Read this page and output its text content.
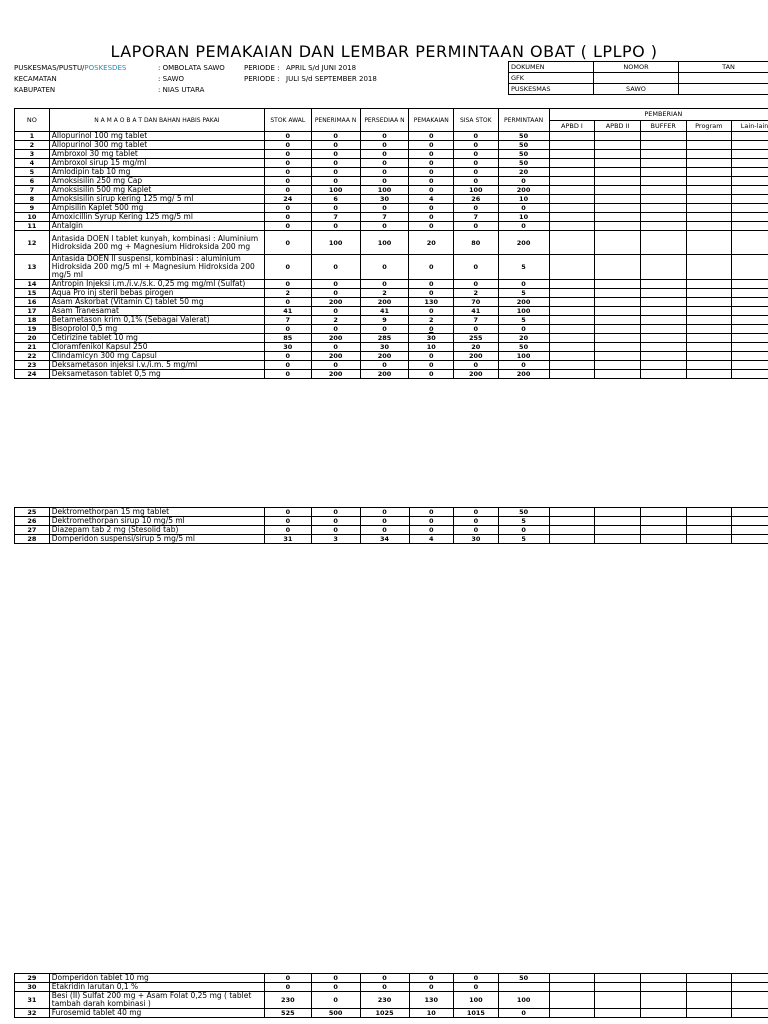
LAPORAN PEMAKAIAN DAN LEMBAR PERMINTAAN OBAT ( LPLPO )
PUSKESMAS/PUSTU/POSKESDES	: OMBOLATA SAWO
KECAMATAN	: SAWO
KABUPATEN	: NIAS UTARA
PERIODE : APRIL S/d JUNI 2018
PERIODE : JULI S/d SEPTEMBER 2018
DOKUMEN	NOMOR	TAN
GFK		
PUSKESMAS	SAWO	
NO	N A M A O B A T DAN BAHAN HABIS PAKAI	STOK AWAL	PENERIMAA N	PERSEDIAA N	PEMAKAIAN	SISA STOK	PERMINTAAN	PEMBERIAN				
								APBD I	APBD II	BUFFER	Program	Lain-lain
1	Allopurinol 100 mg tablet	0	0	0	0	0	50					
2	Allopurinol 300 mg tablet	0	0	0	0	0	50					
3	Ambroxol 30 mg tablet	0	0	0	0	0	50					
4	Ambroxol sirup 15 mg/ml	0	0	0	0	0	50					
5	Amlodipin tab 10 mg	0	0	0	0	0	20					
6	Amoksisilin 250 mg Cap	0	0	0	0	0	0					
7	Amoksisilin 500 mg Kaplet	0	100	100	0	100	200					
8	Amoksisilin sirup kering 125 mg/ 5 ml	24	6	30	4	26	10					
9	Ampisilin Kaplet 500 mg	0	0	0	0	0	0					
10	Amoxicillin Syrup Kering 125 mg/5 ml	0	7	7	0	7	10					
11	Antalgin	0	0	0	0	0	0					
12	Antasida DOEN I tablet kunyah, kombinasi : Aluminium Hidroksida 200 mg + Magnesium Hidroksida 200 mg	0	100	100	20	80	200					
13	Antasida DOEN II suspensi, kombinasi : aluminium Hidroksida 200 mg/5 ml + Magnesium Hidroksida 200 mg/5 ml	0	0	0	0	0	5					
14	Antropin Injeksi i.m./i.v./s.k. 0,25 mg mg/ml (Sulfat)	0	0	0	0	0	0					
15	Aqua Pro inj steril bebas pirogen	2	0	2	0	2	5					
16	Asam Askorbat (Vitamin C) tablet 50 mg	0	200	200	130	70	200					
17	Asam Tranesamat	41	0	41	0	41	100					
18	Betametason krim 0,1% (Sebagai Valerat)	7	2	9	2	7	5					
19	Bisoprolol 0,5 mg	0	0	0	0	0	0					
20	Cetirizine tablet 10 mg	85	200	285	30	255	20					
21	Cloramfenikol Kapsul 250	30	0	30	10	20	50					
22	Clindamicyn 300 mg Capsul	0	200	200	0	200	100					
23	Deksametason injeksi i.v./i.m. 5 mg/ml	0	0	0	0	0	0					
24	Deksametason tablet 0,5 mg	0	200	200	0	200	200					
25	Dektromethorpan 15 mg tablet	0	0	0	0	0	50					
26	Dektromethorpan sirup 10 mg/5 ml	0	0	0	0	0	5					
27	Diazepam tab 2 mg (Stesolid tab)	0	0	0	0	0	0					
28	Domperidon suspensi/sirup 5 mg/5 ml	31	3	34	4	30	5					
29	Domperidon tablet 10 mg	0	0	0	0	0	50					
30	Etakridin larutan 0,1 %	0	0	0	0	0						
31	Besi (II) Sulfat 200 mg + Asam Folat 0,25 mg ( tablet tambah darah kombinasi )	230	0	230	130	100	100					
32	Furosemid tablet 40 mg	525	500	1025	10	1015	0					
